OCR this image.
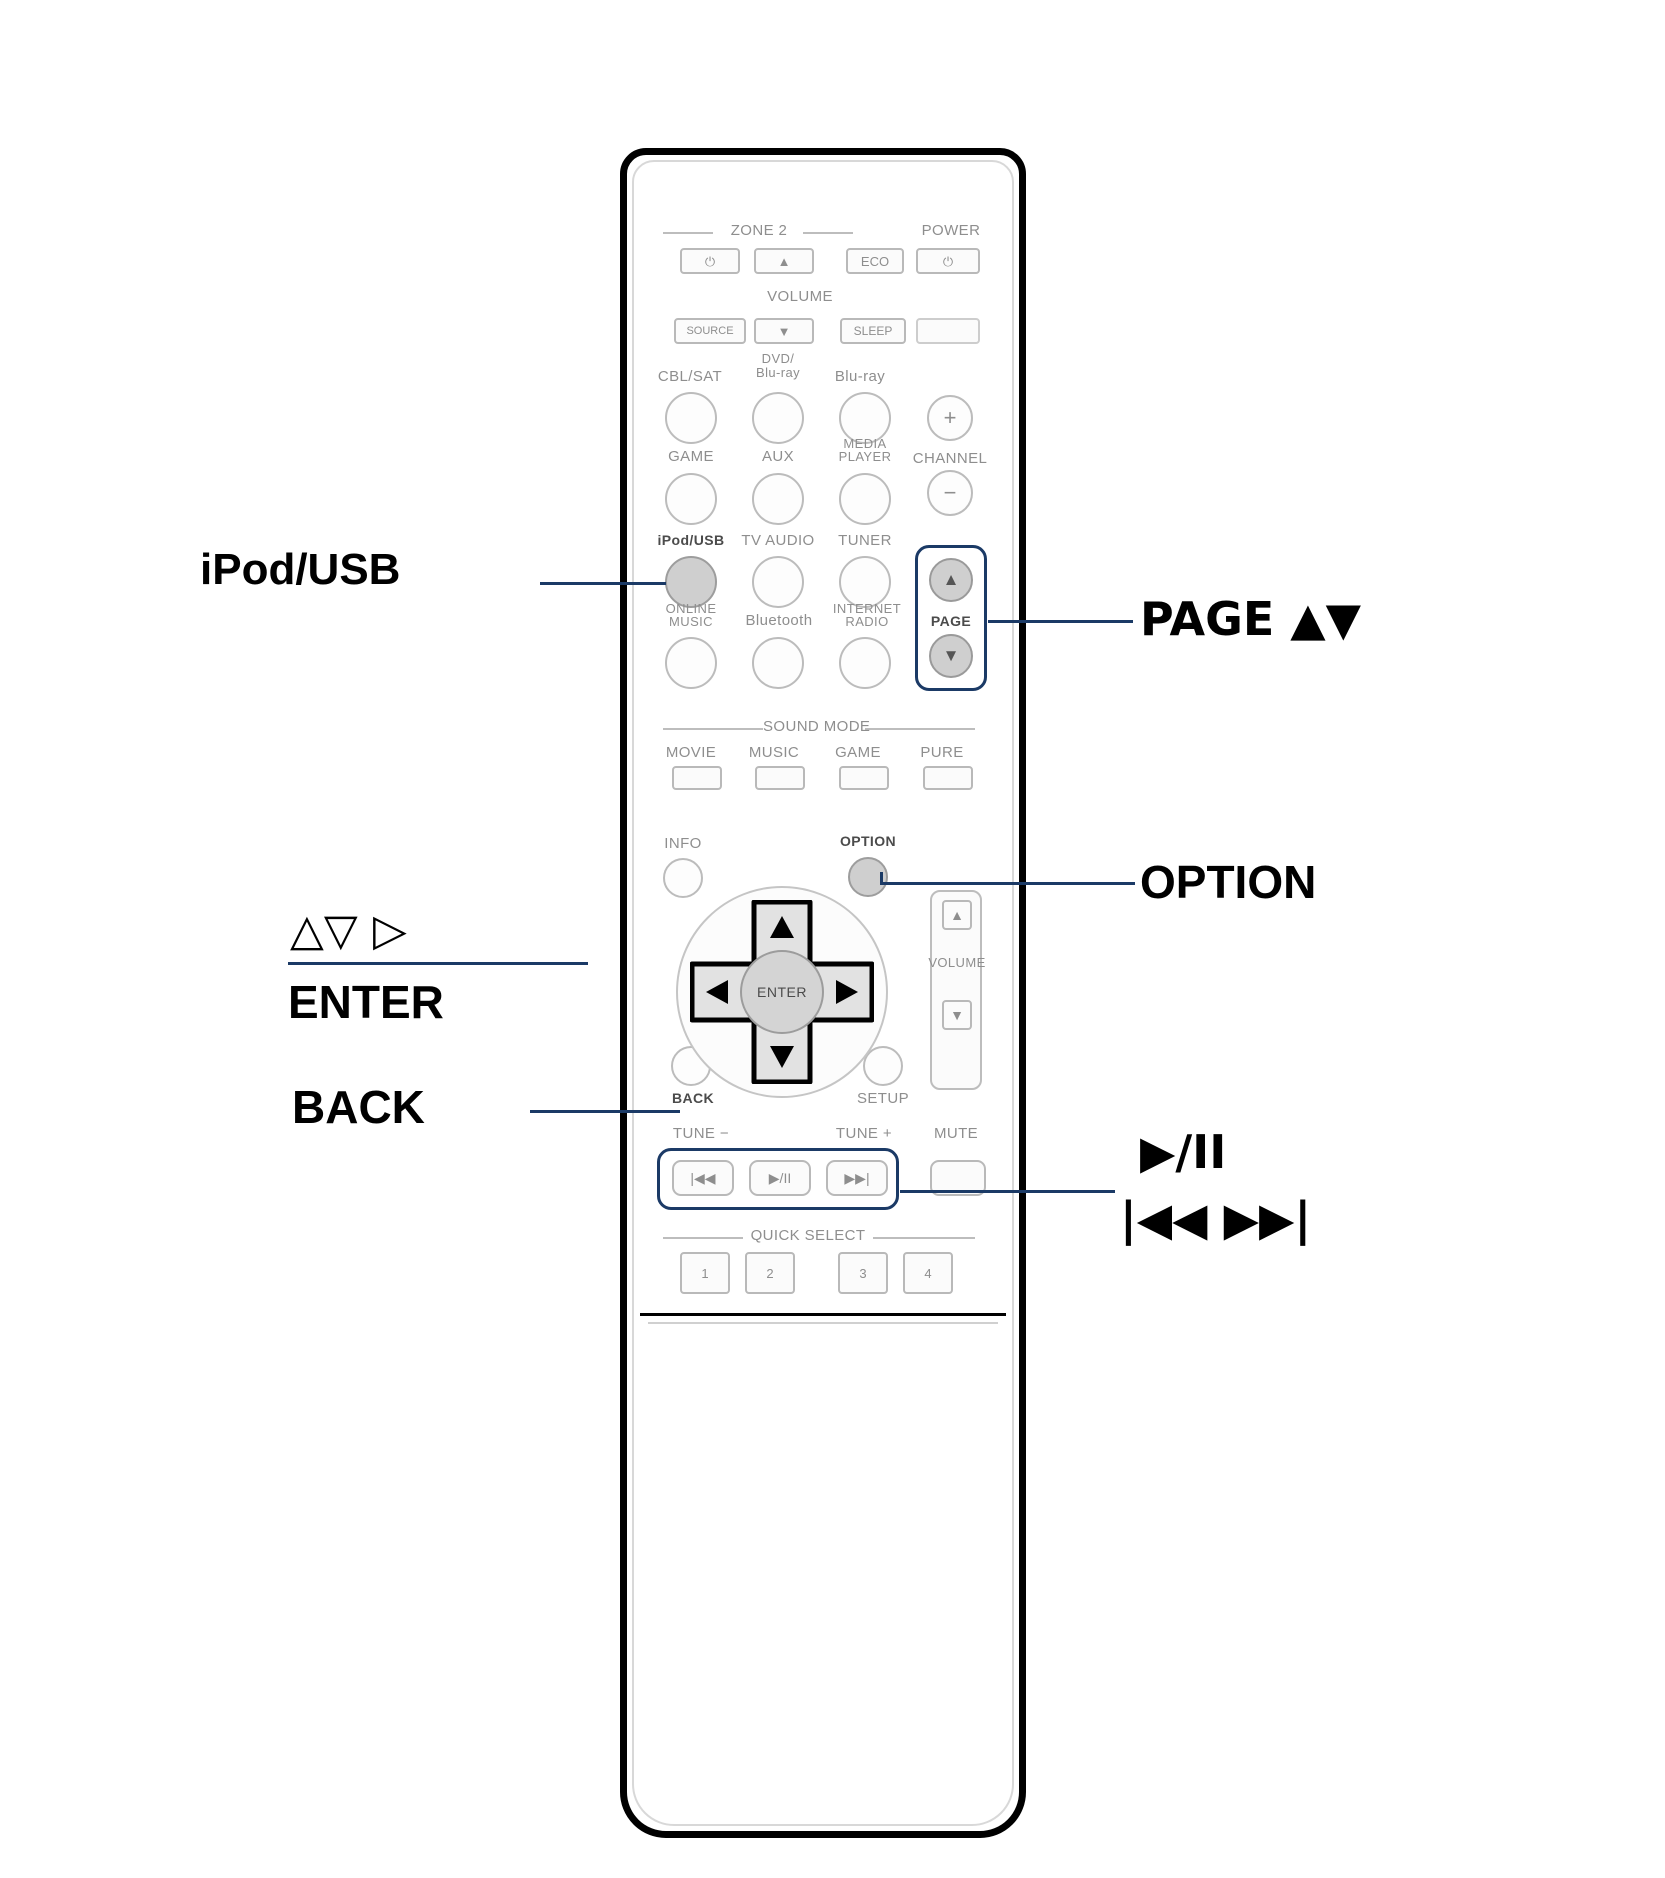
ZONE 2	POWER
⏻	▲	ECO	⏻
VOLUME
SOURCE	▼	SLEEP
CBL/SAT
DVD/
Blu-ray	Blu-ray
GAME	AUX
MEDIA
PLAYER
iPod/USB	TV AUDIO	TUNER
ONLINE
MUSIC	Bluetooth
INTERNET
RADIO
+
CHANNEL
−
▲
PAGE
▼
SOUND MODE
MOVIE	MUSIC	GAME	PURE
INFO	OPTION
SETUP
BACK
ENTER
▲
VOLUME
▼
TUNE −	TUNE +	MUTE
|◀◀	▶/II	▶▶|
QUICK SELECT
1	2	3	4
iPod/USB
△▽ ▷
ENTER
BACK
PAGE ▲▼
OPTION
▶/II
|◀◀ ▶▶|
